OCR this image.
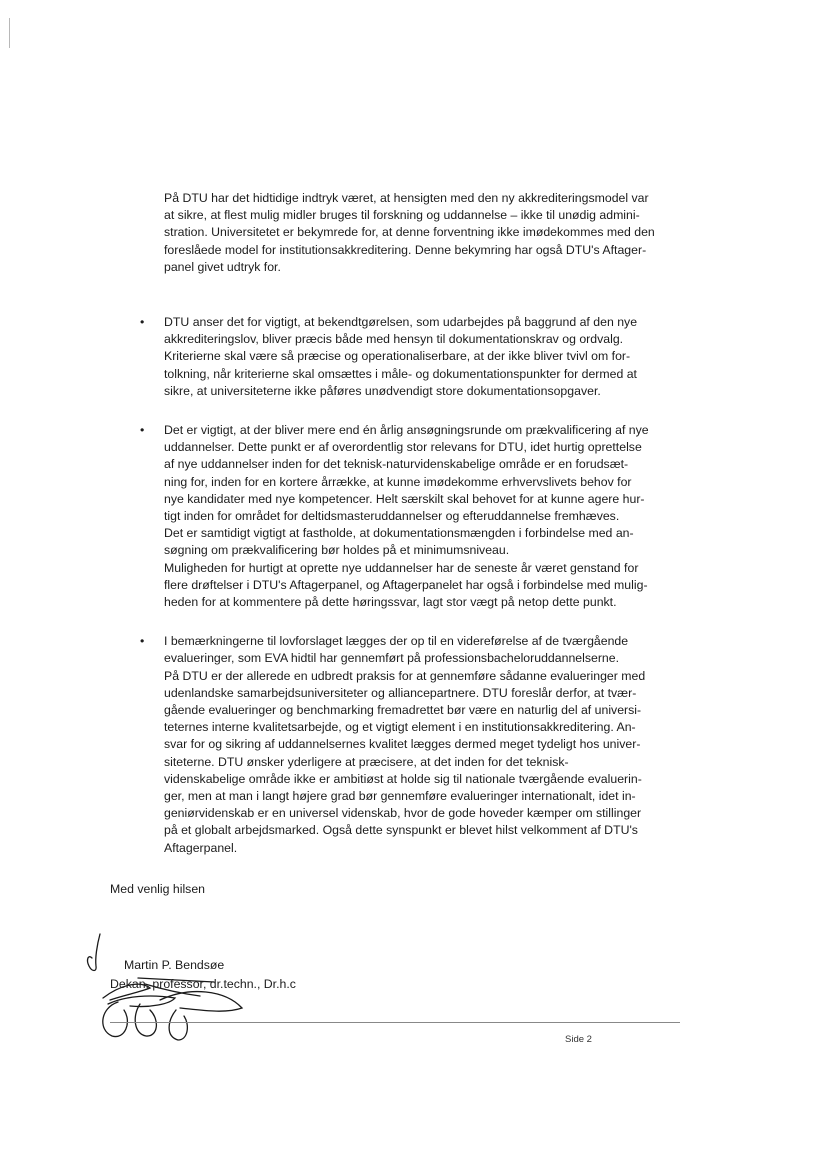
På DTU har det hidtidige indtryk været, at hensigten med den ny akkrediteringsmodel var
at sikre, at flest mulig midler bruges til forskning og uddannelse – ikke til unødig admini-
stration. Universitetet er bekymrede for, at denne forventning ikke imødekommes med den
foreslåede model for institutionsakkreditering. Denne bekymring har også DTU's Aftager-
panel givet udtryk for.

• DTU anser det for vigtigt, at bekendtgørelsen, som udarbejdes på baggrund af den nye
akkrediteringslov, bliver præcis både med hensyn til dokumentationskrav og ordvalg.
Kriterierne skal være så præcise og operationaliserbare, at der ikke bliver tvivl om for-
tolkning, når kriterierne skal omsættes i måle- og dokumentationspunkter for dermed at
sikre, at universiteterne ikke påføres unødvendigt store dokumentationsopgaver.
• Det er vigtigt, at der bliver mere end én årlig ansøgningsrunde om prækvalificering af nye
uddannelser. Dette punkt er af overordentlig stor relevans for DTU, idet hurtig oprettelse
af nye uddannelser inden for det teknisk-naturvidenskabelige område er en forudsæt-
ning for, inden for en kortere årrække, at kunne imødekomme erhvervslivets behov for
nye kandidater med nye kompetencer. Helt særskilt skal behovet for at kunne agere hur-
tigt inden for området for deltidsmasteruddannelser og efteruddannelse fremhæves.
Det er samtidigt vigtigt at fastholde, at dokumentationsmængden i forbindelse med an-
søgning om prækvalificering bør holdes på et minimumsniveau.
Muligheden for hurtigt at oprette nye uddannelser har de seneste år været genstand for
flere drøftelser i DTU's Aftagerpanel, og Aftagerpanelet har også i forbindelse med mulig-
heden for at kommentere på dette høringssvar, lagt stor vægt på netop dette punkt.
• I bemærkningerne til lovforslaget lægges der op til en videreførelse af de tværgående
evalueringer, som EVA hidtil har gennemført på professionsbacheloruddannelserne.
På DTU er der allerede en udbredt praksis for at gennemføre sådanne evalueringer med
udenlandske samarbejdsuniversiteter og alliancepartnere. DTU foreslår derfor, at tvær-
gående evalueringer og benchmarking fremadrettet bør være en naturlig del af universi-
teternes interne kvalitetsarbejde, og et vigtigt element i en institutionsakkreditering. An-
svar for og sikring af uddannelsernes kvalitet lægges dermed meget tydeligt hos univer-
siteterne. DTU ønsker yderligere at præcisere, at det inden for det teknisk-
videnskabelige område ikke er ambitiøst at holde sig til nationale tværgående evaluerin-
ger, men at man i langt højere grad bør gennemføre evalueringer internationalt, idet in-
geniørvidenskab er en universel videnskab, hvor de gode hoveder kæmper om stillinger
på et globalt arbejdsmarked. Også dette synspunkt er blevet hilst velkomment af DTU's
Aftagerpanel.
Med venlig hilsen
Martin P. Bendsøe
Dekan, professor, dr.techn., Dr.h.c
Side 2
